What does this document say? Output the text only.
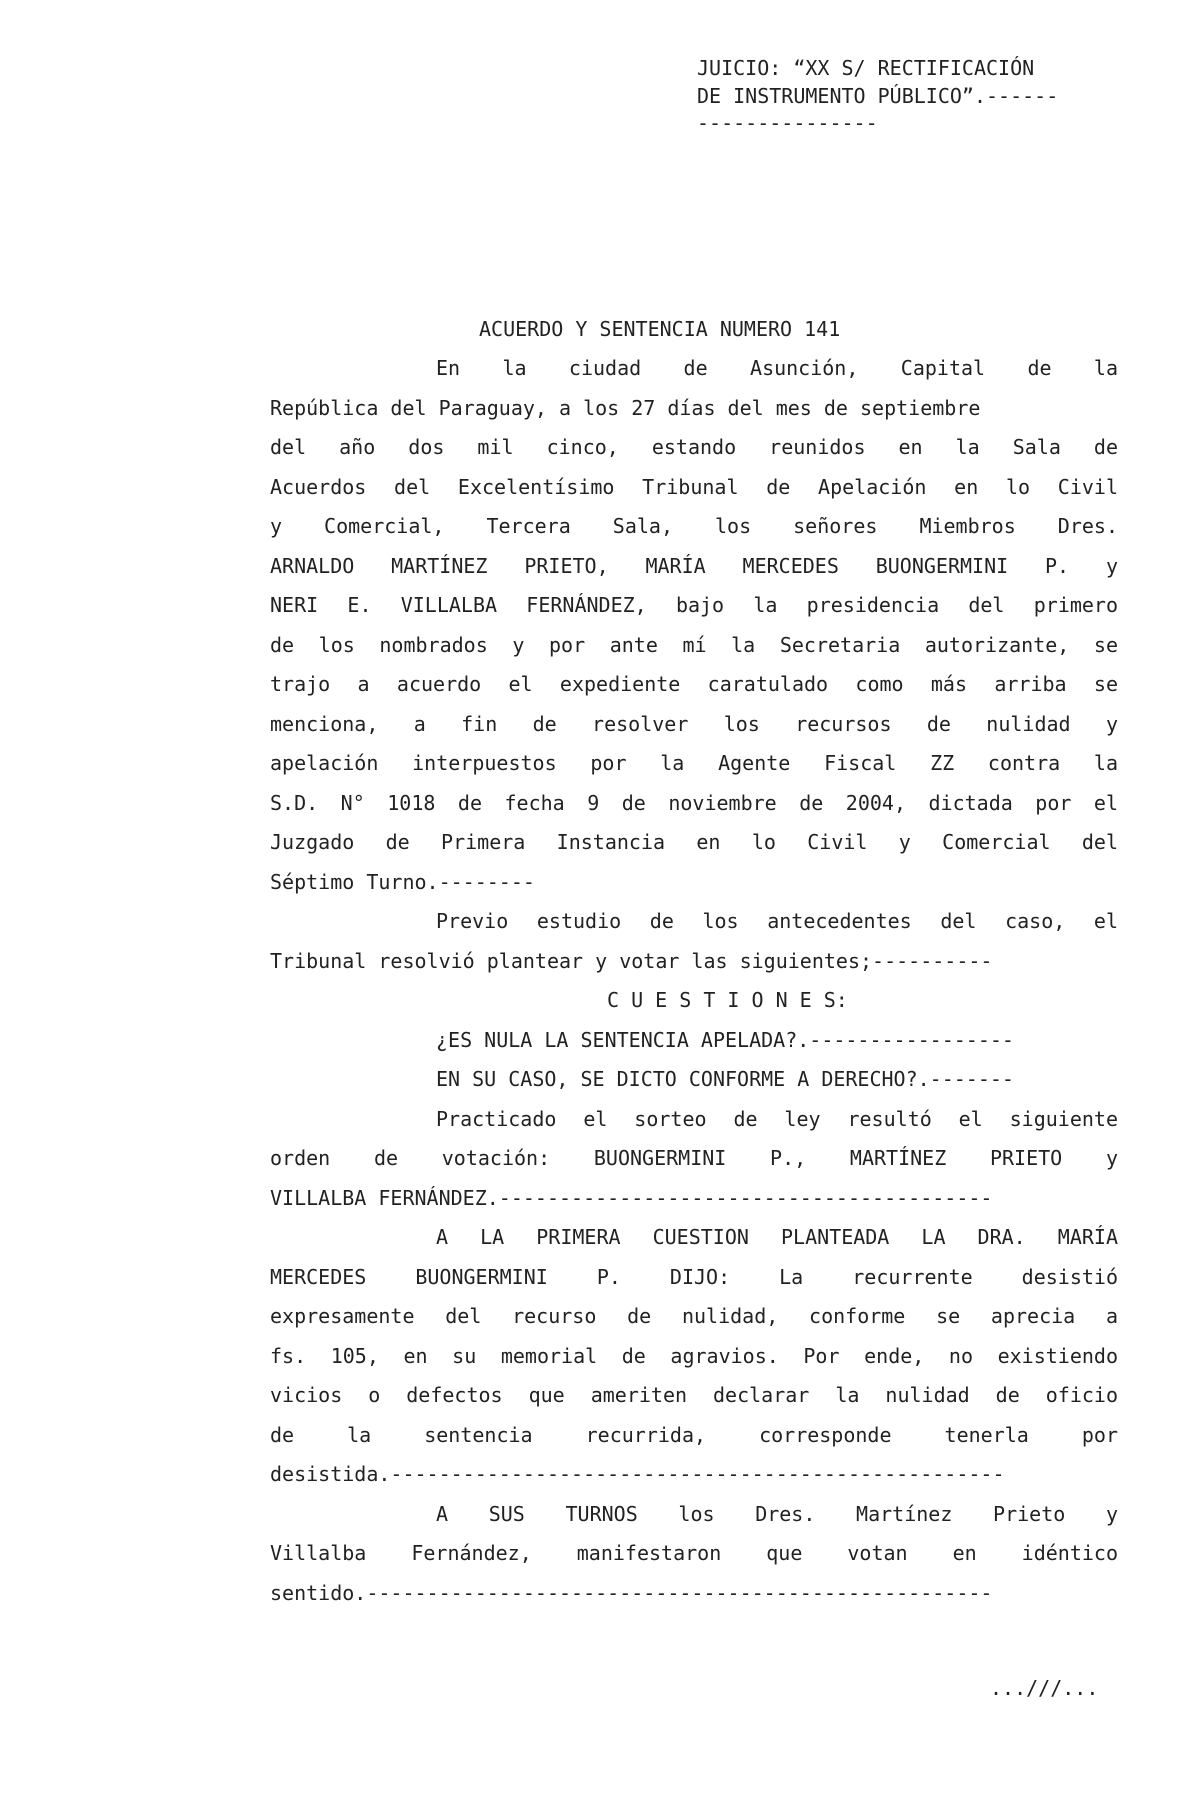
JUICIO: “XX S/ RECTIFICACIÓN
DE INSTRUMENTO PÚBLICO”.------
---------------
ACUERDO Y SENTENCIA NUMERO 141
En la ciudad de Asunción, Capital de la
República del Paraguay, a los 27 días del mes de septiembre
del año dos mil cinco, estando reunidos en la Sala de
Acuerdos del Excelentísimo Tribunal de Apelación en lo Civil
y Comercial, Tercera Sala, los señores Miembros Dres.
ARNALDO MARTÍNEZ PRIETO, MARÍA MERCEDES BUONGERMINI P. y
NERI E. VILLALBA FERNÁNDEZ, bajo la presidencia del primero
de los nombrados y por ante mí la Secretaria autorizante, se
trajo a acuerdo el expediente caratulado como más arriba se
menciona, a fin de resolver los recursos de nulidad y
apelación interpuestos por la Agente Fiscal ZZ contra la
S.D. N° 1018 de fecha 9 de noviembre de 2004, dictada por el
Juzgado de Primera Instancia en lo Civil y Comercial del
Séptimo Turno.--------
Previo estudio de los antecedentes del caso, el
Tribunal resolvió plantear y votar las siguientes;----------
C U E S T I O N E S:
¿ES NULA LA SENTENCIA APELADA?.-----------------
EN SU CASO, SE DICTO CONFORME A DERECHO?.-------
Practicado el sorteo de ley resultó el siguiente
orden de votación: BUONGERMINI P., MARTÍNEZ PRIETO y
VILLALBA FERNÁNDEZ.-----------------------------------------
A LA PRIMERA CUESTION PLANTEADA LA DRA. MARÍA
MERCEDES BUONGERMINI P. DIJO: La recurrente desistió
expresamente del recurso de nulidad, conforme se aprecia a
fs. 105, en su memorial de agravios. Por ende, no existiendo
vicios o defectos que ameriten declarar la nulidad de oficio
de la sentencia recurrida, corresponde tenerla por
desistida.---------------------------------------------------
A SUS TURNOS los Dres. Martínez Prieto y
Villalba Fernández, manifestaron que votan en idéntico
sentido.----------------------------------------------------
...///...
